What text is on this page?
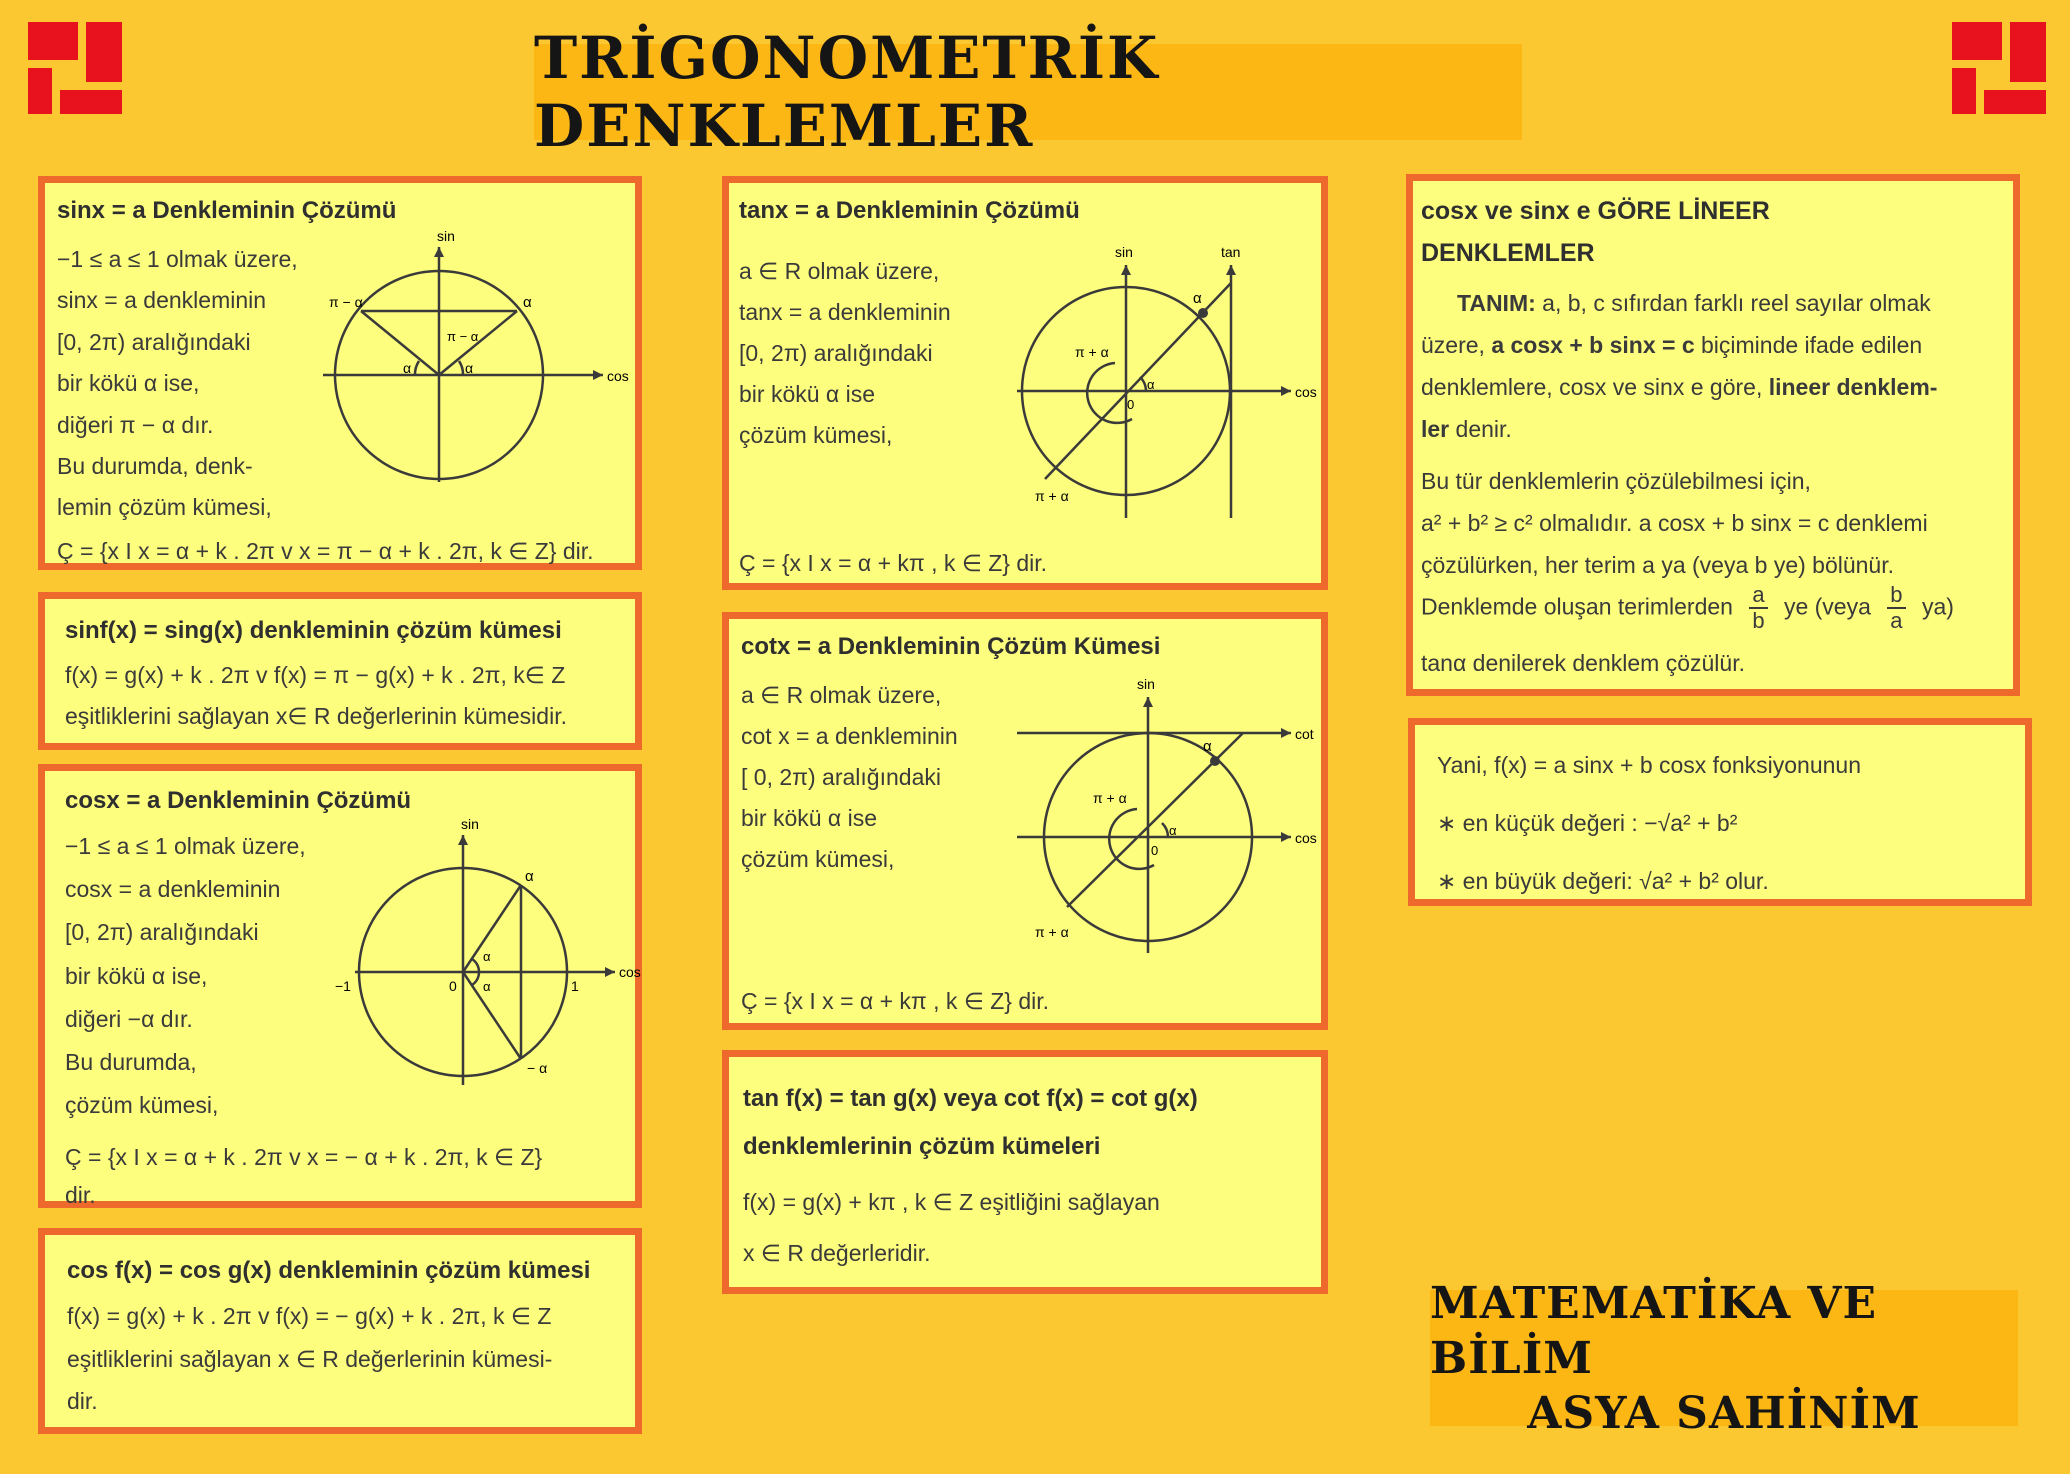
TRİGONOMETRİK DENKLEMLER
sinx = a Denkleminin Çözümü
−1 ≤ a ≤ 1 olmak üzere,
sinx = a denkleminin
[0, 2π) aralığındaki
bir kökü α ise,
diğeri π − α dır.
Bu durumda, denk-
lemin çözüm kümesi,
Ç = {x I x = α + k . 2π v x = π − α + k . 2π, k ∈ Z} dir.
sin
cos
π − α	α
π − α
α	α
sinf(x) = sing(x) denkleminin çözüm kümesi
f(x) = g(x) + k . 2π v f(x) = π − g(x) + k . 2π, k∈ Z
eşitliklerini sağlayan x∈ R değerlerinin kümesidir.
cosx = a Denkleminin Çözümü
−1 ≤ a ≤ 1 olmak üzere,
cosx = a denkleminin
[0, 2π) aralığındaki
bir kökü α ise,
diğeri −α dır.
Bu durumda,
çözüm kümesi,
Ç = {x I x = α + k . 2π v x = − α + k . 2π, k ∈ Z}
dir.
sin
cos
−1	0	1
α
α
α
− α
cos f(x) = cos g(x) denkleminin çözüm kümesi
f(x) = g(x) + k . 2π v f(x) = − g(x) + k . 2π, k ∈ Z
eşitliklerini sağlayan x ∈ R değerlerinin kümesi-
dir.
tanx = a Denkleminin Çözümü
a ∈ R olmak üzere,
tanx = a denkleminin
[0, 2π) aralığındaki
bir kökü α ise
çözüm kümesi,
Ç = {x I x = α + kπ , k ∈ Z} dir.
sin	tan
cos
α
α
0
π + α
π + α
cotx = a Denkleminin Çözüm Kümesi
a ∈ R olmak üzere,
cot x = a denkleminin
[ 0, 2π) aralığındaki
bir kökü α ise
çözüm kümesi,
Ç = {x I x = α + kπ , k ∈ Z} dir.
sin
cot
cos
α
α
0
π + α
π + α
tan f(x) = tan g(x) veya cot f(x) = cot g(x)
denklemlerinin çözüm kümeleri
f(x) = g(x) + kπ , k ∈ Z eşitliğini sağlayan
x ∈ R değerleridir.
cosx ve sinx e GÖRE LİNEER
DENKLEMLER
TANIM: a, b, c sıfırdan farklı reel sayılar olmak
üzere, a cosx + b sinx = c biçiminde ifade edilen
denklemlere, cosx ve sinx e göre, lineer denklem-
ler denir.
Bu tür denklemlerin çözülebilmesi için,
a² + b² ≥ c² olmalıdır. a cosx + b sinx = c denklemi
çözülürken, her terim a ya (veya b ye) bölünür.
Denklemde oluşan terimlerden $\frac{a}{b}$ ye (veya $\frac{b}{a} ya$)
tanα denilerek denklem çözülür.
Yani, f(x) = a sinx + b cosx fonksiyonunun
∗ en küçük değeri : −√a² + b²
∗ en büyük değeri: √a² + b² olur.
MATEMATİKA VE BİLİM
ASYA SAHİNİM
